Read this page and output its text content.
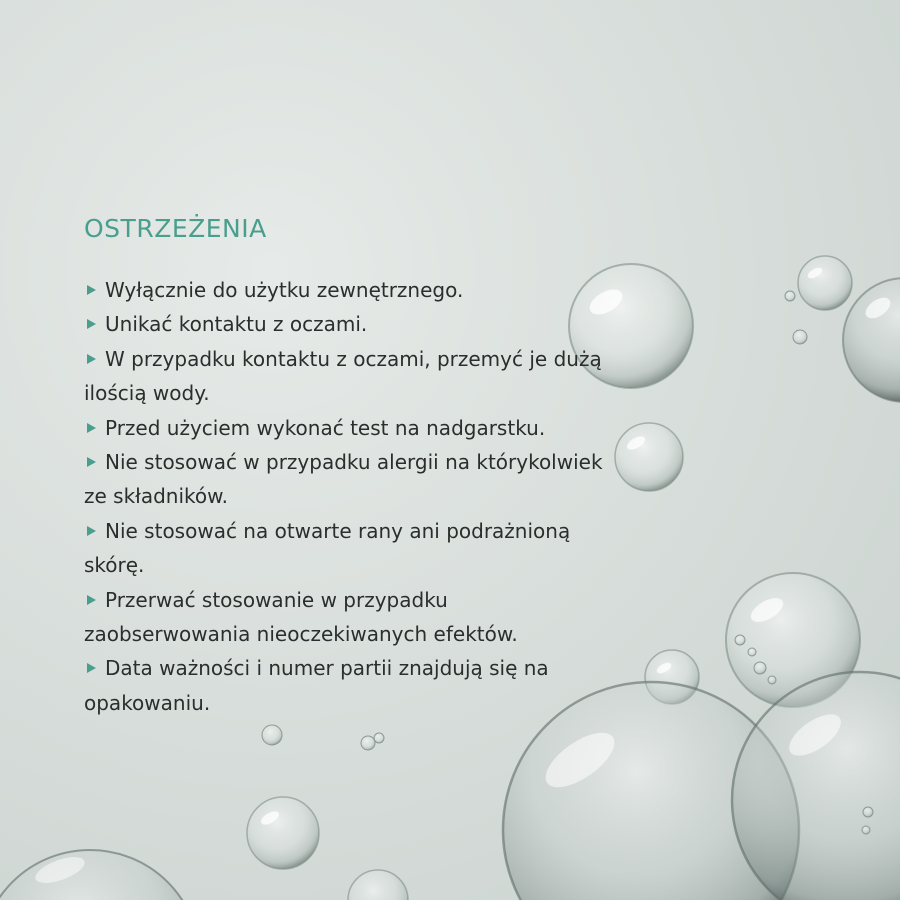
OSTRZEŻENIA
Wyłącznie do użytku zewnętrznego.
Unikać kontaktu z oczami.
W przypadku kontaktu z oczami, przemyć je dużą ilością wody.
Przed użyciem wykonać test na nadgarstku.
Nie stosować w przypadku alergii na którykolwiek ze składników.
Nie stosować na otwarte rany ani podrażnioną skórę.
Przerwać stosowanie w przypadku zaobserwowania nieoczekiwanych efektów.
Data ważności i numer partii znajdują się na opakowaniu.
